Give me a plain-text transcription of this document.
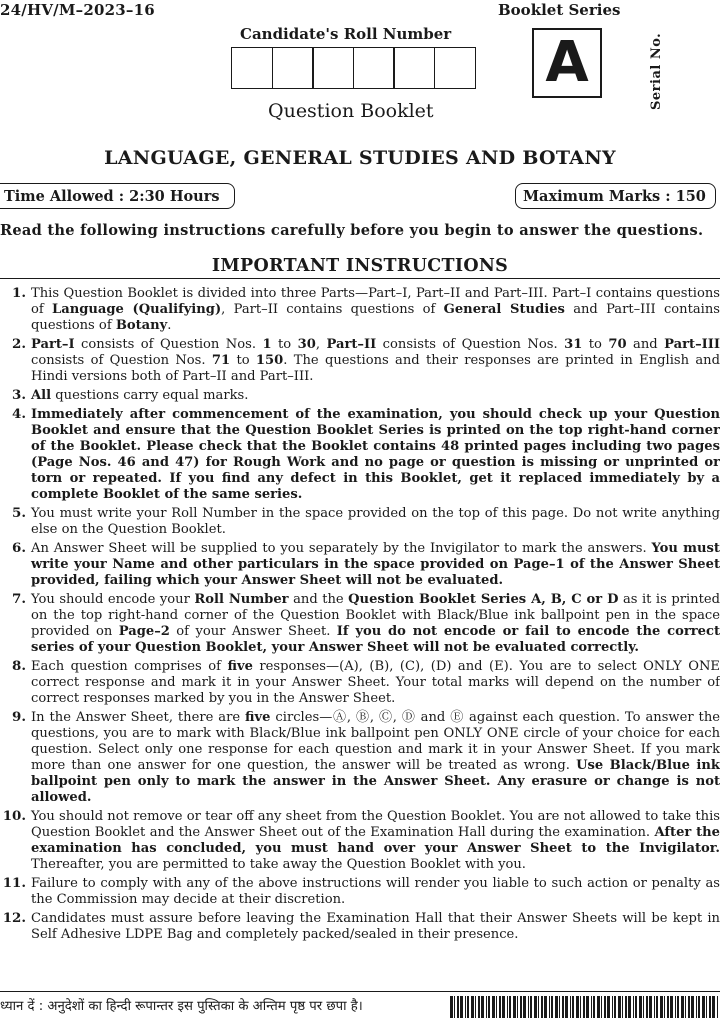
24/HV/M–2023–16	Booklet Series
Candidate's Roll Number A	Serial No.
Question Booklet
LANGUAGE, GENERAL STUDIES AND BOTANY
Time Allowed : 2:30 Hours	Maximum Marks : 150
Read the following instructions carefully before you begin to answer the questions.
IMPORTANT INSTRUCTIONS
1. This Question Booklet is divided into three Parts—Part–I, Part–II and Part–III. Part–I contains questions of Language (Qualifying), Part–II contains questions of General Studies and Part–III contains questions of Botany.
2. Part–I consists of Question Nos. 1 to 30, Part–II consists of Question Nos. 31 to 70 and Part–III consists of Question Nos. 71 to 150. The questions and their responses are printed in English and Hindi versions both of Part–II and Part–III.
3. All questions carry equal marks.
4. Immediately after commencement of the examination, you should check up your Question Booklet and ensure that the Question Booklet Series is printed on the top right-hand corner of the Booklet. Please check that the Booklet contains 48 printed pages including two pages (Page Nos. 46 and 47) for Rough Work and no page or question is missing or unprinted or torn or repeated. If you find any defect in this Booklet, get it replaced immediately by a complete Booklet of the same series.
5. You must write your Roll Number in the space provided on the top of this page. Do not write anything else on the Question Booklet.
6. An Answer Sheet will be supplied to you separately by the Invigilator to mark the answers. You must write your Name and other particulars in the space provided on Page–1 of the Answer Sheet provided, failing which your Answer Sheet will not be evaluated.
7. You should encode your Roll Number and the Question Booklet Series A, B, C or D as it is printed on the top right-hand corner of the Question Booklet with Black/Blue ink ballpoint pen in the space provided on Page–2 of your Answer Sheet. If you do not encode or fail to encode the correct series of your Question Booklet, your Answer Sheet will not be evaluated correctly.
8. Each question comprises of five responses—(A), (B), (C), (D) and (E). You are to select ONLY ONE correct response and mark it in your Answer Sheet. Your total marks will depend on the number of correct responses marked by you in the Answer Sheet.
9. In the Answer Sheet, there are five circles—Ⓐ, Ⓑ, Ⓒ, Ⓓ and Ⓔ against each question. To answer the questions, you are to mark with Black/Blue ink ballpoint pen ONLY ONE circle of your choice for each question. Select only one response for each question and mark it in your Answer Sheet. If you mark more than one answer for one question, the answer will be treated as wrong. Use Black/Blue ink ballpoint pen only to mark the answer in the Answer Sheet. Any erasure or change is not allowed.
10. You should not remove or tear off any sheet from the Question Booklet. You are not allowed to take this Question Booklet and the Answer Sheet out of the Examination Hall during the examination. After the examination has concluded, you must hand over your Answer Sheet to the Invigilator. Thereafter, you are permitted to take away the Question Booklet with you.
11. Failure to comply with any of the above instructions will render you liable to such action or penalty as the Commission may decide at their discretion.
12. Candidates must assure before leaving the Examination Hall that their Answer Sheets will be kept in Self Adhesive LDPE Bag and completely packed/sealed in their presence.
ध्यान दें : अनुदेशों का हिन्दी रूपान्तर इस पुस्तिका के अन्तिम पृष्ठ पर छपा है।
